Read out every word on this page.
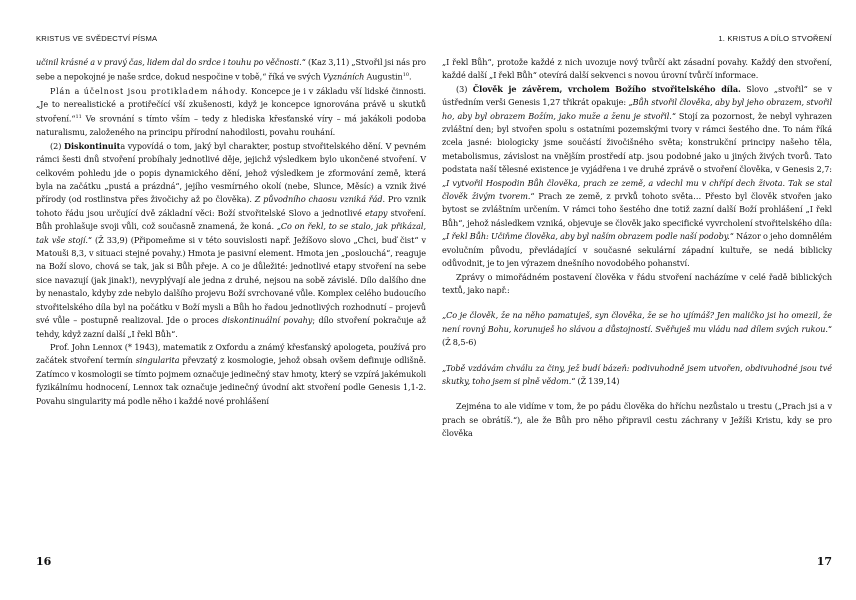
KRISTUS VE SVĚDECTVÍ PÍSMA

učinil krásné a v pravý čas, lidem dal do srdce i touhu po věčnosti.“ (Kaz 3,11) „Stvořil jsi nás pro sebe a nepokojné je naše srdce, dokud nespočine v tobě,“ říká ve svých Vyznáních Augustin$^{10}$.

Plán a účelnost jsou protikladem náhody. Koncepce je i v základu vší lidské činnosti. „Je to nerealistické a protiřečící vší zkušenosti, když je koncepce ignorována právě u skutků stvoření.“$^{11}$ Ve srovnání s tímto vším – tedy z hlediska křesťanské víry – má jakákoli podoba naturalismu, založeného na principu přírodní nahodilosti, povahu rouhání.

(2) Diskontinuita vypovídá o tom, jaký byl charakter, postup stvořitelského dění. V pevném rámci šesti dnů stvoření probíhaly jednotlivé děje, jejichž výsledkem bylo ukončené stvoření. V celkovém pohledu jde o popis dynamického dění, jehož výsledkem je zformování země, která byla na začátku „pustá a prázdná“, jejího vesmírného okolí (nebe, Slunce, Měsíc) a vznik živé přírody (od rostlinstva přes živočichy až po člověka). Z původního chaosu vzniká řád. Pro vznik tohoto řádu jsou určující dvě základní věci: Boží stvořitelské Slovo a jednotlivé etapy stvoření. Bůh prohlašuje svoji vůli, což současně znamená, že koná. „Co on řekl, to se stalo, jak přikázal, tak vše stojí.“ (Ž 33,9) (Připomeňme si v této souvislosti např. Ježíšovo slovo „Chci, buď čist“ v Matouši 8,3, v situaci stejné povahy.) Hmota je pasivní element. Hmota jen „poslouchá“, reaguje na Boží slovo, chová se tak, jak si Bůh přeje. A co je důležité: jednotlivé etapy stvoření na sebe sice navazují (jak jinak!), nevyplývají ale jedna z druhé, nejsou na sobě závislé. Dílo dalšího dne by nenastalo, kdyby zde nebylo dalšího projevu Boží svrchované vůle. Komplex celého budoucího stvořitelského díla byl na počátku v Boží mysli a Bůh ho řadou jednotlivých rozhodnutí – projevů své vůle – postupně realizoval. Jde o proces diskontinuální povahy; dílo stvoření pokračuje až tehdy, když zazní další „I řekl Bůh“.

Prof. John Lennox (* 1943), matematik z Oxfordu a známý křesťanský apologeta, používá pro začátek stvoření termín singularita převzatý z kosmologie, jehož obsah ovšem definuje odlišně. Zatímco v kosmologii se tímto pojmem označuje jedinečný stav hmoty, který se vzpírá jakémukoli fyzikálnímu hodnocení, Lennox tak označuje jedinečný úvodní akt stvoření podle Genesis 1,1-2. Povahu singularity má podle něho i každé nové prohlášení

16
1. KRISTUS A DÍLO STVOŘENÍ

„I řekl Bůh“, protože každé z nich uvozuje nový tvůrčí akt zásadní povahy. Každý den stvoření, každé další „I řekl Bůh“ otevírá další sekvenci s novou úrovní tvůrčí informace.

(3) Člověk je závěrem, vrcholem Božího stvořitelského díla. Slovo „stvořil“ se v ústředním verši Genesis 1,27 třikrát opakuje: „Bůh stvořil člověka, aby byl jeho obrazem, stvořil ho, aby byl obrazem Božím, jako muže a ženu je stvořil.“ Stojí za pozornost, že nebyl vyhrazen zvláštní den; byl stvořen spolu s ostatními pozemskými tvory v rámci šestého dne. To nám říká zcela jasné: biologicky jsme součástí živočišného světa; konstrukční principy našeho těla, metabolismus, závislost na vnějším prostředí atp. jsou podobné jako u jiných živých tvorů. Tato podstata naší tělesné existence je vyjádřena i ve druhé zprávě o stvoření člověka, v Genesis 2,7: „I vytvořil Hospodin Bůh člověka, prach ze země, a vdechl mu v chřípí dech života. Tak se stal člověk živým tvorem.“ Prach ze země, z prvků tohoto světa… Přesto byl člověk stvořen jako bytost se zvláštním určením. V rámci toho šestého dne totiž zazní další Boží prohlášení „I řekl Bůh“, jehož následkem vzniká, objevuje se člověk jako specifické vyvrcholení stvořitelského díla: „I řekl Bůh: Učiňme člověka, aby byl naším obrazem podle naší podoby.“ Názor o jeho domnělém evolučním původu, převládající v současné sekulární západní kultuře, se nedá biblicky odůvodnit, je to jen výrazem dnešního novodobého pohanství.

Zprávy o mimořádném postavení člověka v řádu stvoření nacházíme v celé řadě biblických textů, jako např.:

„Co je člověk, že na něho pamatuješ, syn člověka, že se ho ujímáš? Jen maličko jsi ho omezil, že není rovný Bohu, korunuješ ho slávou a důstojností. Svěřuješ mu vládu nad dílem svých rukou.“ (Ž 8,5-6)

„Tobě vzdávám chválu za činy, jež budí bázeň: podivuhodně jsem utvořen, obdivuhodné jsou tvé skutky, toho jsem si plně vědom.“ (Ž 139,14)

Zejména to ale vidíme v tom, že po pádu člověka do hříchu nezůstalo u trestu („Prach jsi a v prach se obrátíš.“), ale že Bůh pro něho připravil cestu záchrany v Ježíši Kristu, kdy se pro člověka

17
